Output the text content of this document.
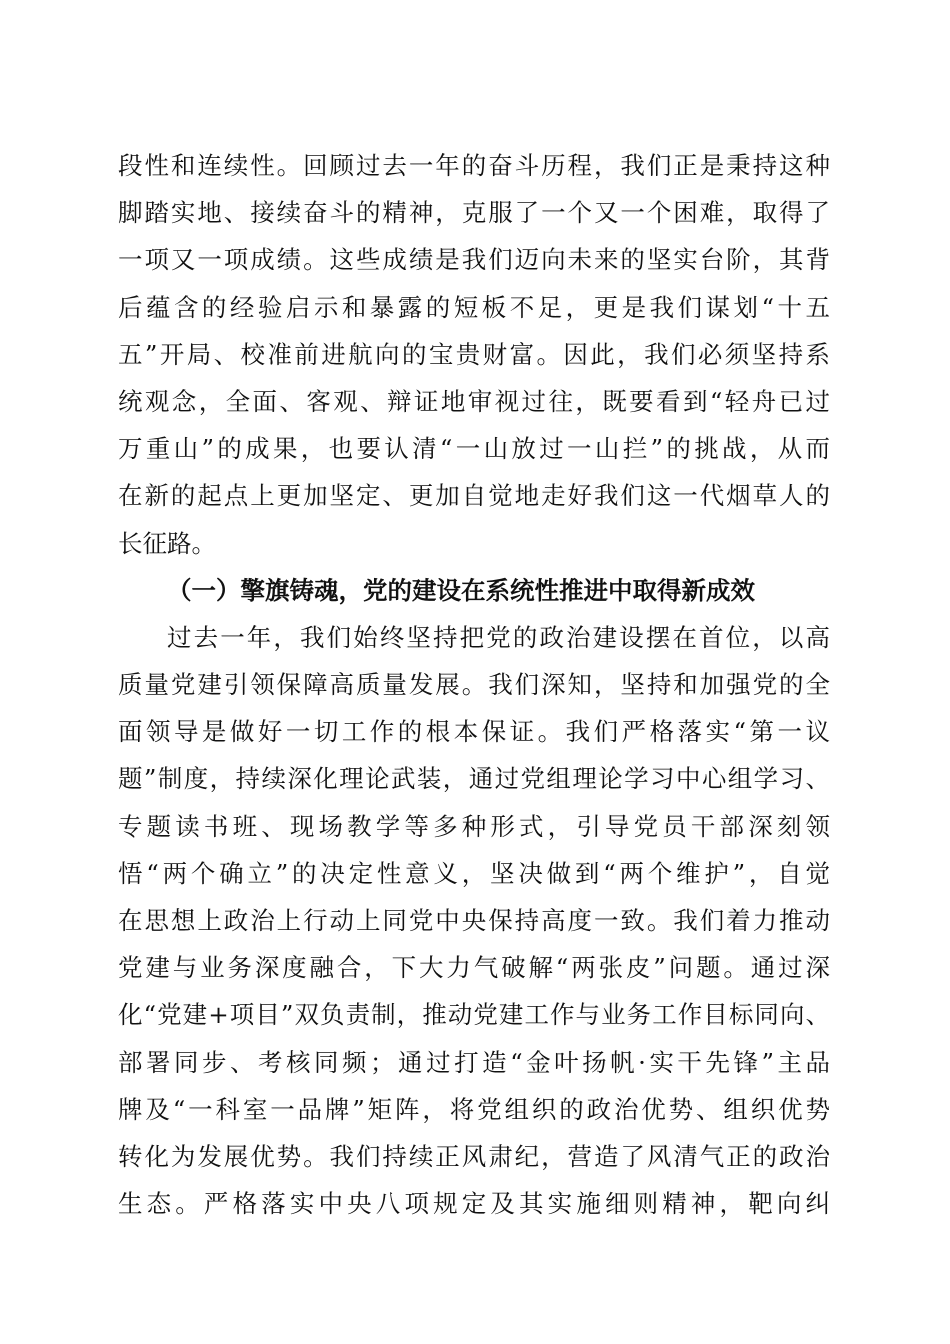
段性和连续性。回顾过去一年的奋斗历程，我们正是秉持这种
脚踏实地、接续奋斗的精神，克服了一个又一个困难，取得了
一项又一项成绩。这些成绩是我们迈向未来的坚实台阶，其背
后蕴含的经验启示和暴露的短板不足，更是我们谋划“十五
五”开局、校准前进航向的宝贵财富。因此，我们必须坚持系
统观念，全面、客观、辩证地审视过往，既要看到“轻舟已过
万重山”的成果，也要认清“一山放过一山拦”的挑战，从而
在新的起点上更加坚定、更加自觉地走好我们这一代烟草人的
长征路。
（一）擎旗铸魂，党的建设在系统性推进中取得新成效
过去一年，我们始终坚持把党的政治建设摆在首位，以高
质量党建引领保障高质量发展。我们深知，坚持和加强党的全
面领导是做好一切工作的根本保证。我们严格落实“第一议
题”制度，持续深化理论武装，通过党组理论学习中心组学习、
专题读书班、现场教学等多种形式，引导党员干部深刻领
悟“两个确立”的决定性意义，坚决做到“两个维护”，自觉
在思想上政治上行动上同党中央保持高度一致。我们着力推动
党建与业务深度融合，下大力气破解“两张皮”问题。通过深
化“党建+项目”双负责制，推动党建工作与业务工作目标同向、
部署同步、考核同频；通过打造“金叶扬帆·实干先锋”主品
牌及“一科室一品牌”矩阵，将党组织的政治优势、组织优势
转化为发展优势。我们持续正风肃纪，营造了风清气正的政治
生态。严格落实中央八项规定及其实施细则精神，靶向纠
